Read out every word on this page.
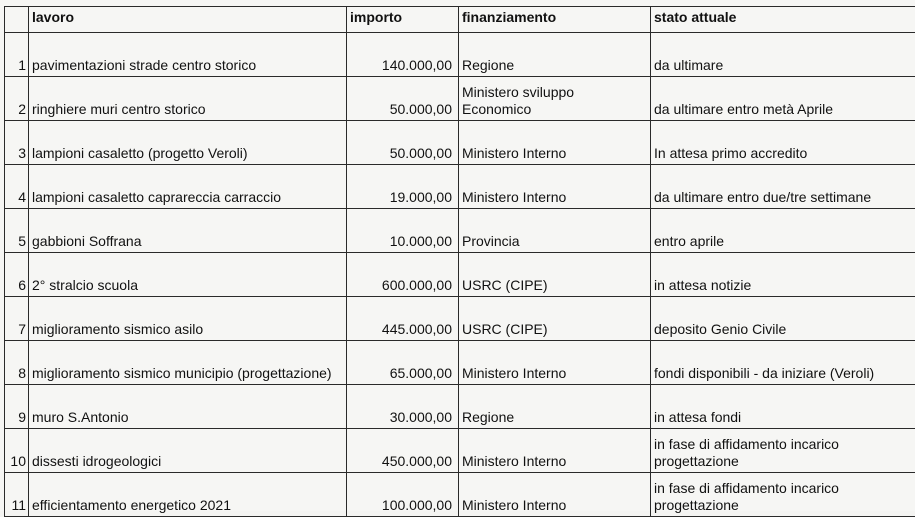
	lavoro	importo	finanziamento	stato attuale
1	pavimentazioni strade centro storico	140.000,00	Regione	da ultimare
2	ringhiere muri centro storico	50.000,00	Ministero sviluppo Economico	da ultimare entro metà Aprile
3	lampioni casaletto (progetto Veroli)	50.000,00	Ministero Interno	In attesa primo accredito
4	lampioni casaletto caprareccia carraccio	19.000,00	Ministero Interno	da ultimare entro due/tre settimane
5	gabbioni Soffrana	10.000,00	Provincia	entro aprile
6	2° stralcio scuola	600.000,00	USRC (CIPE)	in attesa notizie
7	miglioramento sismico asilo	445.000,00	USRC (CIPE)	deposito Genio Civile
8	miglioramento sismico municipio (progettazione)	65.000,00	Ministero Interno	fondi disponibili - da iniziare (Veroli)
9	muro S.Antonio	30.000,00	Regione	in attesa fondi
10	dissesti idrogeologici	450.000,00	Ministero Interno	in fase di affidamento incarico progettazione
11	efficientamento energetico 2021	100.000,00	Ministero Interno	in fase di affidamento incarico progettazione
